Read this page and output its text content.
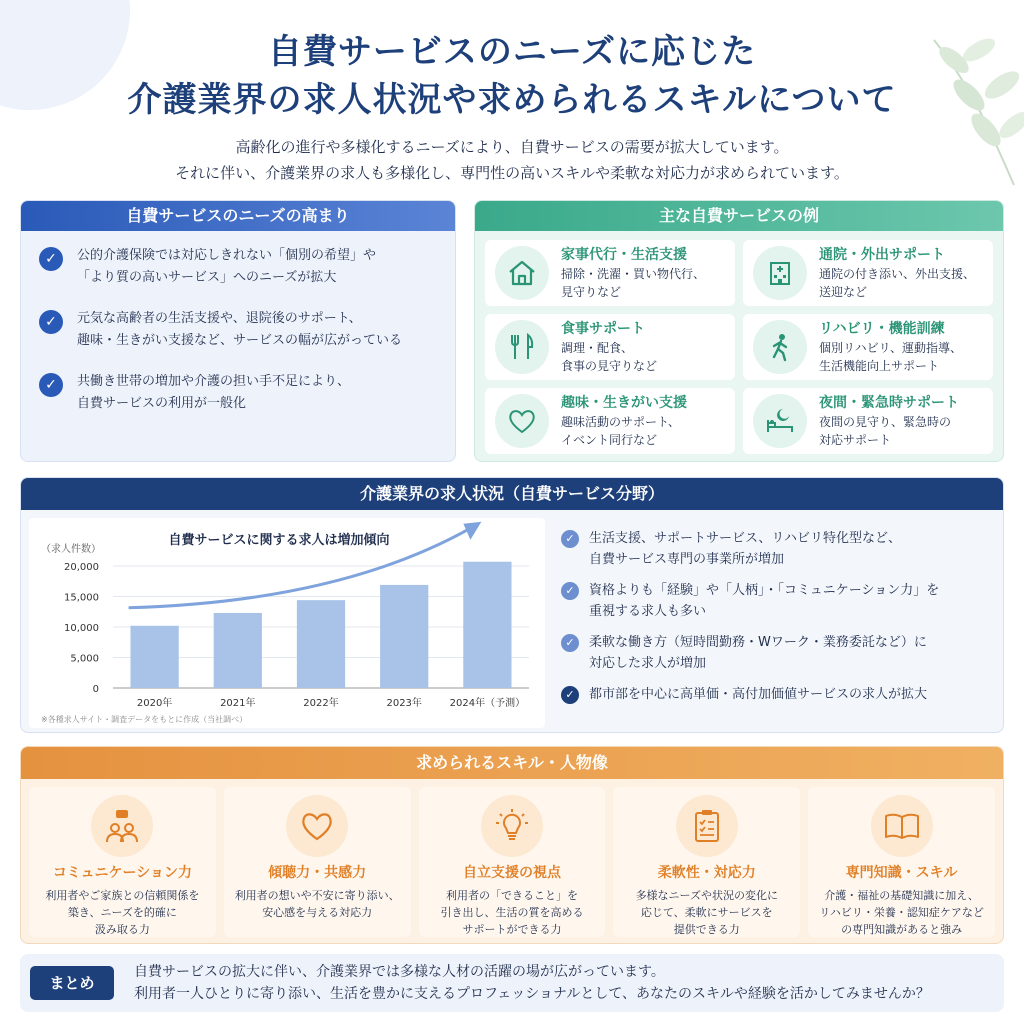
自費サービスのニーズに応じた
介護業界の求人状況や求められるスキルについて
高齢化の進行や多様化するニーズにより、自費サービスの需要が拡大しています。
それに伴い、介護業界の求人も多様化し、専門性の高いスキルや柔軟な対応力が求められています。
自費サービスのニーズの高まり
✓	公的介護保険では対応しきれない「個別の希望」や
「より質の高いサービス」へのニーズが拡大
✓	元気な高齢者の生活支援や、退院後のサポート、
趣味・生きがい支援など、サービスの幅が広がっている
✓	共働き世帯の増加や介護の担い手不足により、
自費サービスの利用が一般化
主な自費サービスの例
家事代行・生活支援
掃除・洗濯・買い物代行、
見守りなど
通院・外出サポート
通院の付き添い、外出支援、
送迎など
食事サポート
調理・配食、
食事の見守りなど
リハビリ・機能訓練
個別リハビリ、運動指導、
生活機能向上サポート
趣味・生きがい支援
趣味活動のサポート、
イベント同行など
夜間・緊急時サポート
夜間の見守り、緊急時の
対応サポート
介護業界の求人状況（自費サービス分野）
自費サービスに関する求人は増加傾向
（求人件数）
2020年	2021年	2022年	2023年	2024年（予測）
0
5,000
10,000
15,000
20,000
※各種求人サイト・調査データをもとに作成（当社調べ）
✓	生活支援、サポートサービス、リハビリ特化型など、
自費サービス専門の事業所が増加
✓	資格よりも「経験」や「人柄」・「コミュニケーション力」を
重視する求人も多い
✓	柔軟な働き方（短時間勤務・Wワーク・業務委託など）に
対応した求人が増加
✓	都市部を中心に高単価・高付加価値サービスの求人が拡大
求められるスキル・人物像
コミュニケーション力
利用者やご家族との信頼関係を
築き、ニーズを的確に
汲み取る力
傾聴力・共感力
利用者の想いや不安に寄り添い、
安心感を与える対応力
自立支援の視点
利用者の「できること」を
引き出し、生活の質を高める
サポートができる力
柔軟性・対応力
多様なニーズや状況の変化に
応じて、柔軟にサービスを
提供できる力
専門知識・スキル
介護・福祉の基礎知識に加え、
リハビリ・栄養・認知症ケアなど
の専門知識があると強み
まとめ
自費サービスの拡大に伴い、介護業界では多様な人材の活躍の場が広がっています。
利用者一人ひとりに寄り添い、生活を豊かに支えるプロフェッショナルとして、あなたのスキルや経験を活かしてみませんか？
